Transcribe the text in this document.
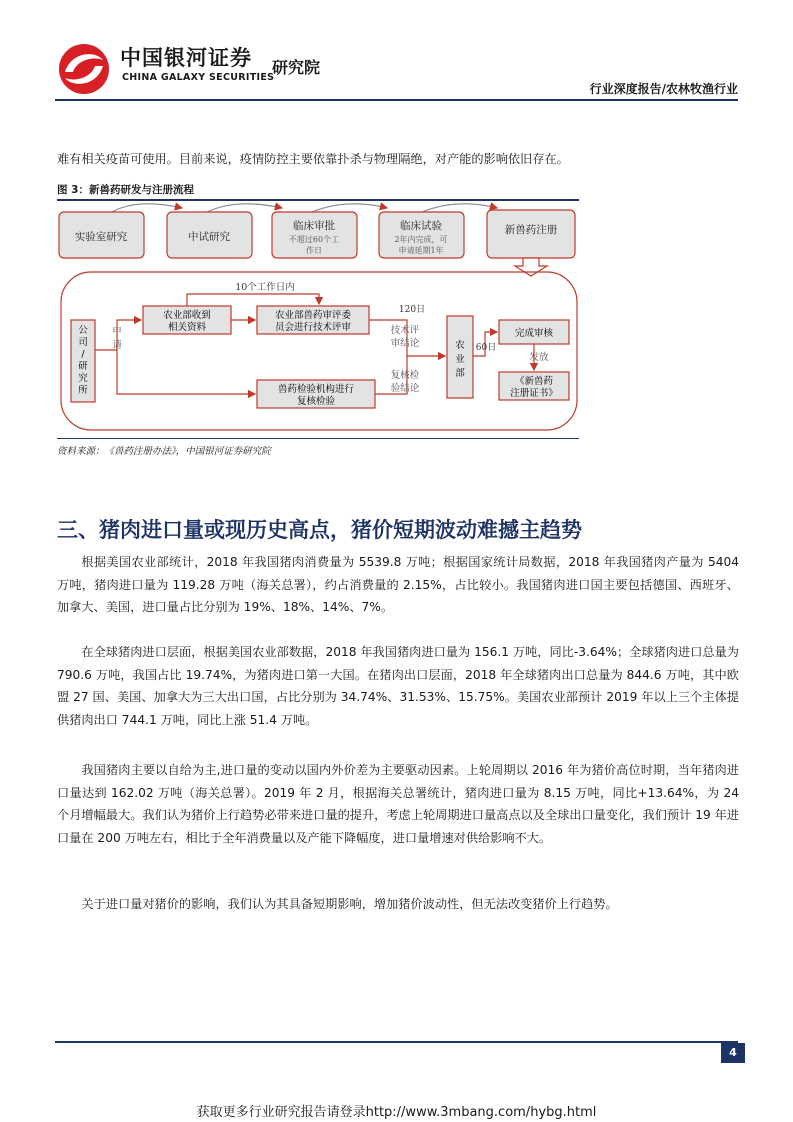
中国银河证券
CHINA GALAXY SECURITIES
研究院
行业深度报告/农林牧渔行业
难有相关疫苗可使用。目前来说，疫情防控主要依靠扑杀与物理隔绝，对产能的影响依旧存在。
图 3：新兽药研发与注册流程
实验室研究	中试研究
临床审批
不超过60个工
作日
临床试验
2年内完成，可
申请延期1年
新兽药注册
公
司
/
研
究
所
申
请
农业部收到
相关资料
农业部兽药审评委
员会进行技术评审
兽药检验机构进行
复核检验
农
业
部
完成审核
《新兽药
注册证书》
10个工作日内
120日
技术评
审结论
复核检
验结论
60日
发放
资料来源：《兽药注册办法》，中国银河证券研究院
三、猪肉进口量或现历史高点，猪价短期波动难撼主趋势
根据美国农业部统计，2018 年我国猪肉消费量为 5539.8 万吨；根据国家统计局数据，2018 年我国猪肉产量为 5404 万吨，猪肉进口量为 119.28 万吨（海关总署），约占消费量的 2.15%，占比较小。我国猪肉进口国主要包括德国、西班牙、加拿大、美国，进口量占比分别为 19%、18%、14%、7%。
在全球猪肉进口层面，根据美国农业部数据，2018 年我国猪肉进口量为 156.1 万吨，同比-3.64%；全球猪肉进口总量为 790.6 万吨，我国占比 19.74%，为猪肉进口第一大国。在猪肉出口层面，2018 年全球猪肉出口总量为 844.6 万吨，其中欧盟 27 国、美国、加拿大为三大出口国，占比分别为 34.74%、31.53%、15.75%。美国农业部预计 2019 年以上三个主体提供猪肉出口 744.1 万吨，同比上涨 51.4 万吨。
我国猪肉主要以自给为主,进口量的变动以国内外价差为主要驱动因素。上轮周期以 2016 年为猪价高位时期，当年猪肉进口量达到 162.02 万吨（海关总署）。2019 年 2 月，根据海关总署统计，猪肉进口量为 8.15 万吨，同比+13.64%，为 24 个月增幅最大。我们认为猪价上行趋势必带来进口量的提升，考虑上轮周期进口量高点以及全球出口量变化，我们预计 19 年进口量在 200 万吨左右，相比于全年消费量以及产能下降幅度，进口量增速对供给影响不大。
关于进口量对猪价的影响，我们认为其具备短期影响，增加猪价波动性，但无法改变猪价上行趋势。
4
获取更多行业研究报告请登录http://www.3mbang.com/hybg.html
